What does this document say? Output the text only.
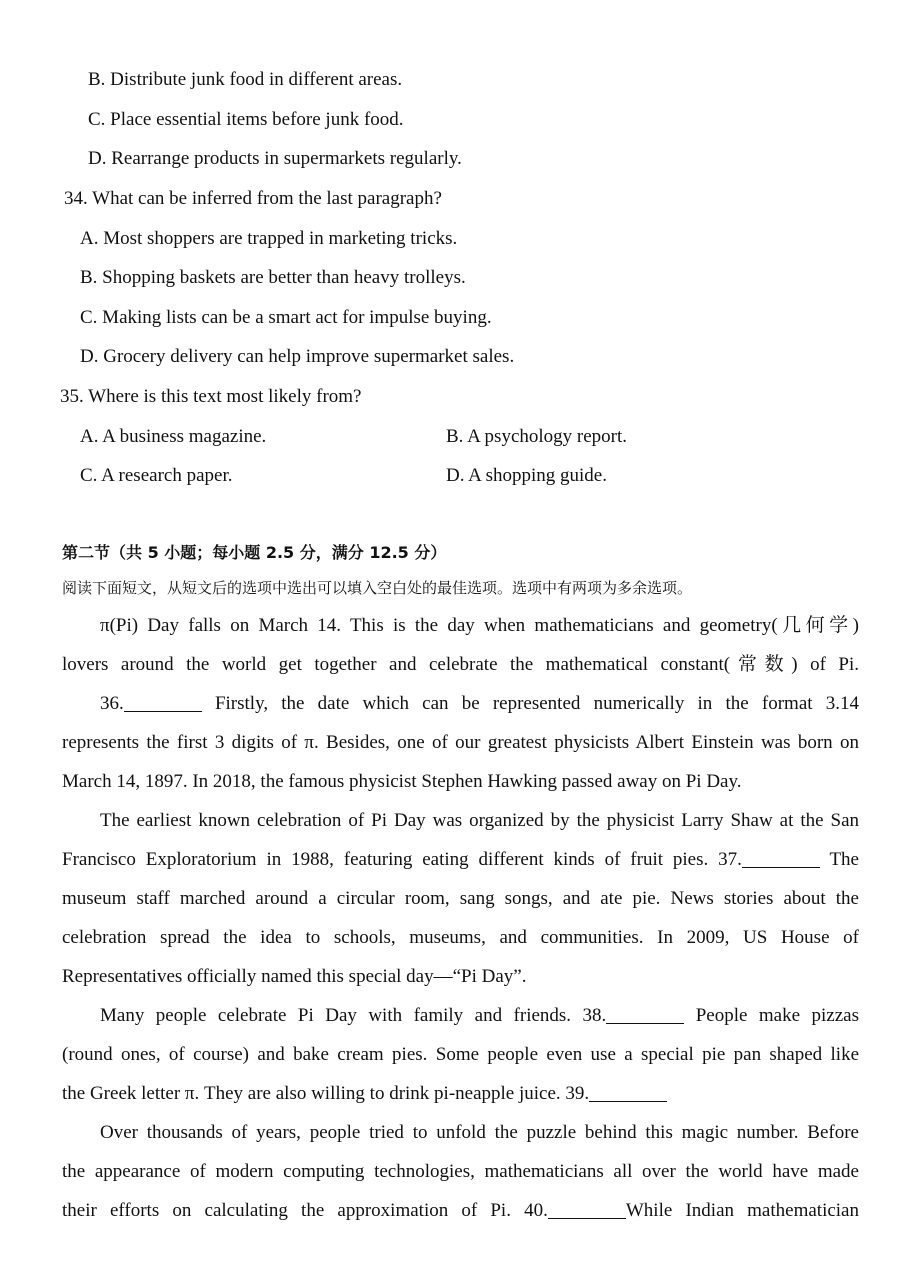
B. Distribute junk food in different areas.
C. Place essential items before junk food.
D. Rearrange products in supermarkets regularly.
34. What can be inferred from the last paragraph?
A. Most shoppers are trapped in marketing tricks.
B. Shopping baskets are better than heavy trolleys.
C. Making lists can be a smart act for impulse buying.
D. Grocery delivery can help improve supermarket sales.
35. Where is this text most likely from?
A. A business magazine.	B. A psychology report.
C. A research paper.	D. A shopping guide.
第二节（共 5 小题；每小题 2.5 分，满分 12.5 分）
阅读下面短文，从短文后的选项中选出可以填入空白处的最佳选项。选项中有两项为多余选项。
π(Pi) Day falls on March 14. This is the day when mathematicians and geometry(几何学)
lovers around the world get together and celebrate the mathematical constant(常数) of Pi.
36.	Firstly, the date which can be represented numerically in the format 3.14
represents the first 3 digits of π. Besides, one of our greatest physicists Albert Einstein was born on
March 14, 1897. In 2018, the famous physicist Stephen Hawking passed away on Pi Day.
The earliest known celebration of Pi Day was organized by the physicist Larry Shaw at the San
Francisco Exploratorium in 1988, featuring eating different kinds of fruit pies. 37.	The
museum staff marched around a circular room, sang songs, and ate pie. News stories about the
celebration spread the idea to schools, museums, and communities. In 2009, US House of
Representatives officially named this special day—“Pi Day”.
Many people celebrate Pi Day with family and friends. 38.	People make pizzas
(round ones, of course) and bake cream pies. Some people even use a special pie pan shaped like
the Greek letter π. They are also willing to drink pi-neapple juice. 39.
Over thousands of years, people tried to unfold the puzzle behind this magic number. Before
the appearance of modern computing technologies, mathematicians all over the world have made
their efforts on calculating the approximation of Pi. 40.	While Indian mathematician
